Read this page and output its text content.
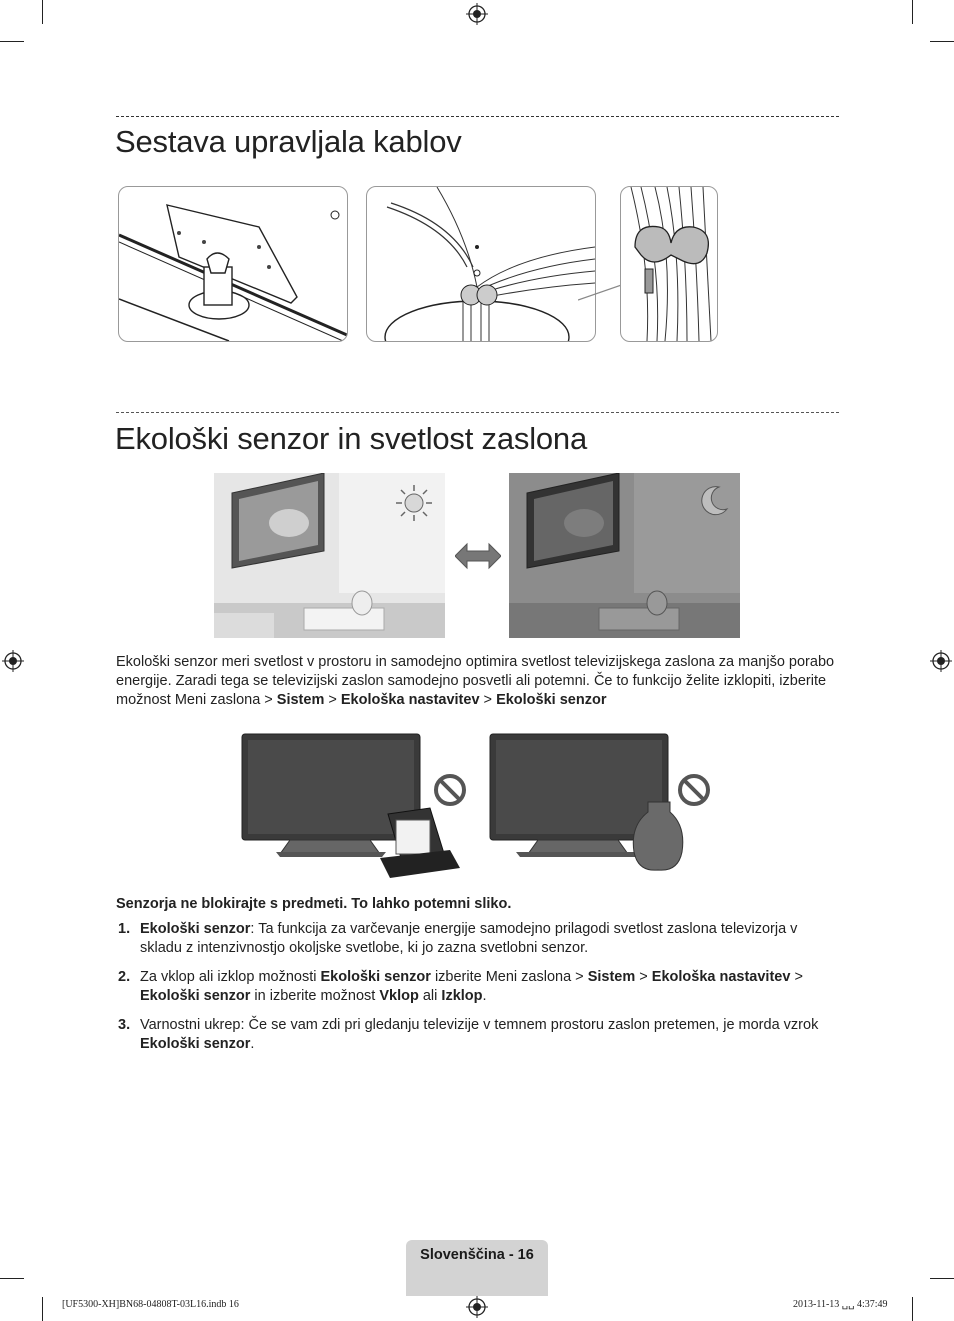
Sestava upravljala kablov
Ekološki senzor in svetlost zaslona
Ekološki senzor meri svetlost v prostoru in samodejno optimira svetlost televizijskega zaslona za manjšo porabo energije. Zaradi tega se televizijski zaslon samodejno posvetli ali potemni. Če to funkcijo želite izklopiti, izberite možnost Meni zaslona > Sistem > Ekološka nastavitev > Ekološki senzor
Senzorja ne blokirajte s predmeti. To lahko potemni sliko.
1. Ekološki senzor: Ta funkcija za varčevanje energije samodejno prilagodi svetlost zaslona televizorja v skladu z intenzivnostjo okoljske svetlobe, ki jo zazna svetlobni senzor.
2. Za vklop ali izklop možnosti Ekološki senzor izberite Meni zaslona > Sistem > Ekološka nastavitev > Ekološki senzor in izberite možnost Vklop ali Izklop.
3. Varnostni ukrep: Če se vam zdi pri gledanju televizije v temnem prostoru zaslon pretemen, je morda vzrok Ekološki senzor.
Slovenščina - 16
[UF5300-XH]BN68-04808T-03L16.indb 16	2013-11-13 ␣␣ 4:37:49
